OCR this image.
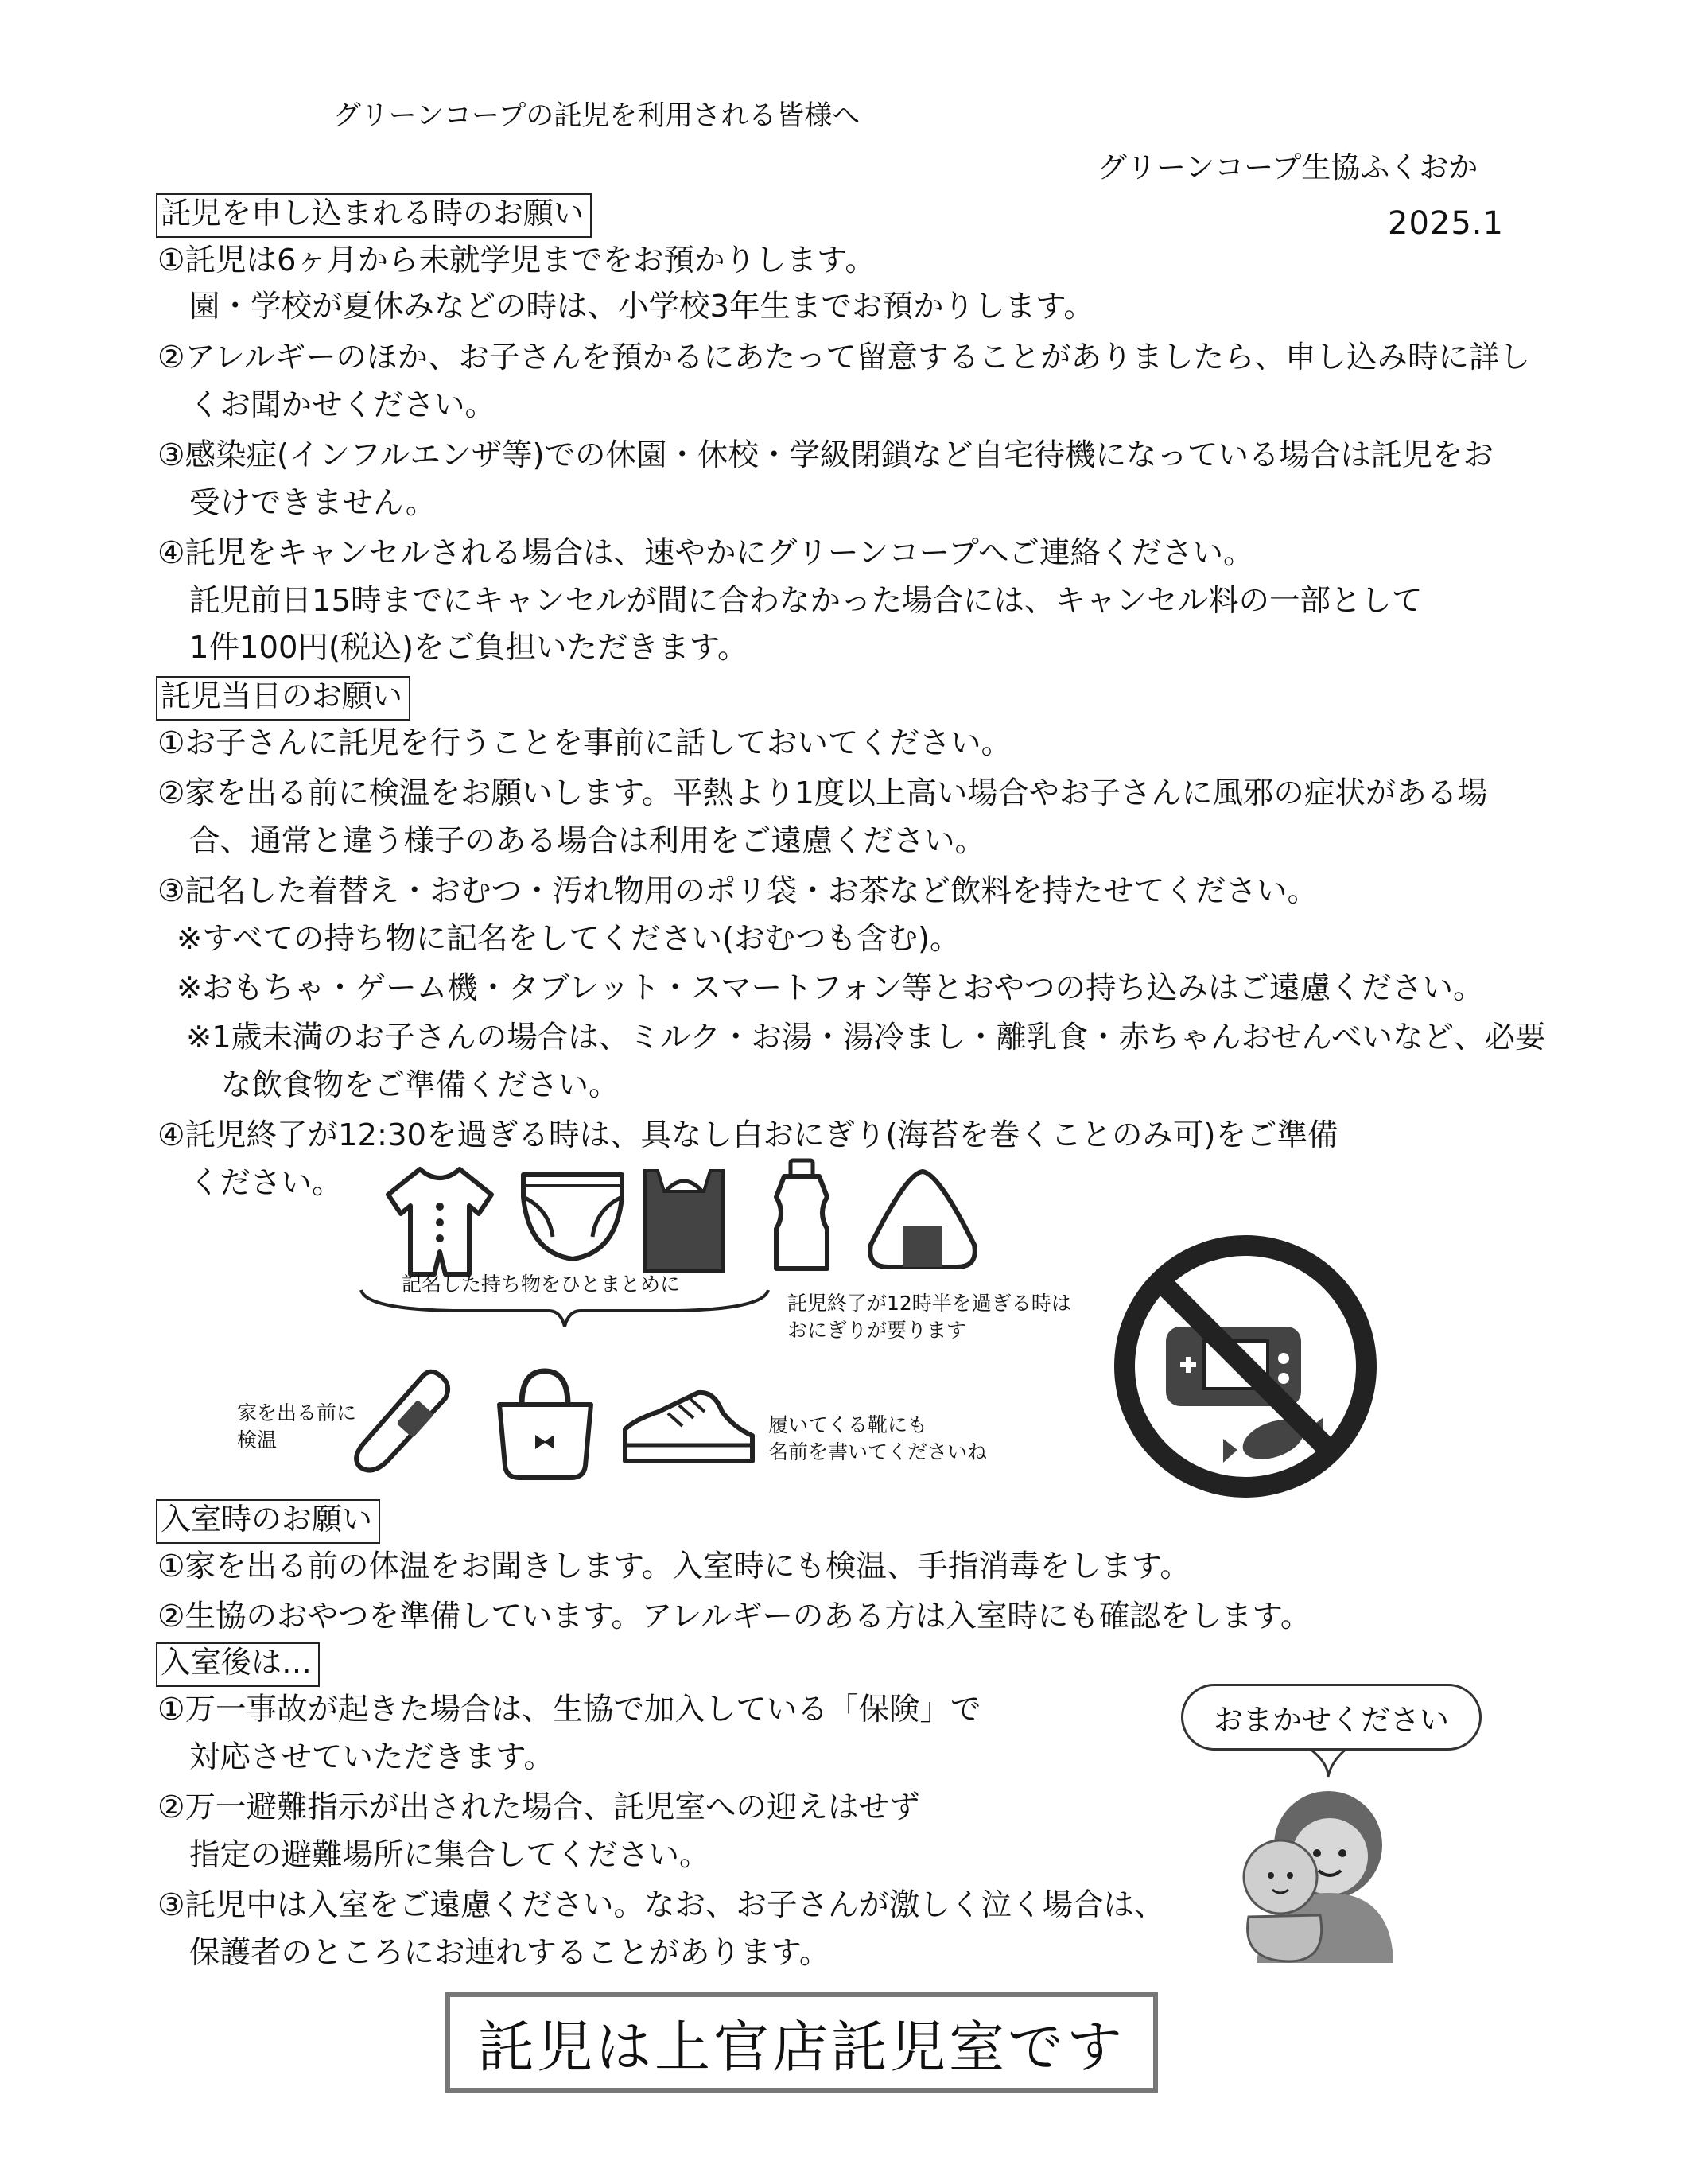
グリーンコープの託児を利用される皆様へ
グリーンコープ生協ふくおか
2025.1
託児を申し込まれる時のお願い
①託児は6ヶ月から未就学児までをお預かりします。
園・学校が夏休みなどの時は、小学校3年生までお預かりします。
②アレルギーのほか、お子さんを預かるにあたって留意することがありましたら、申し込み時に詳し
くお聞かせください。
③感染症(インフルエンザ等)での休園・休校・学級閉鎖など自宅待機になっている場合は託児をお
受けできません。
④託児をキャンセルされる場合は、速やかにグリーンコープへご連絡ください。
託児前日15時までにキャンセルが間に合わなかった場合には、キャンセル料の一部として
1件100円(税込)をご負担いただきます。
託児当日のお願い
①お子さんに託児を行うことを事前に話しておいてください。
②家を出る前に検温をお願いします。平熱より1度以上高い場合やお子さんに風邪の症状がある場
合、通常と違う様子のある場合は利用をご遠慮ください。
③記名した着替え・おむつ・汚れ物用のポリ袋・お茶など飲料を持たせてください。
※すべての持ち物に記名をしてください(おむつも含む)。
※おもちゃ・ゲーム機・タブレット・スマートフォン等とおやつの持ち込みはご遠慮ください。
※1歳未満のお子さんの場合は、ミルク・お湯・湯冷まし・離乳食・赤ちゃんおせんべいなど、必要
な飲食物をご準備ください。
④託児終了が12:30を過ぎる時は、具なし白おにぎり(海苔を巻くことのみ可)をご準備
ください。
記名した持ち物をひとまとめに
託児終了が12時半を過ぎる時は
おにぎりが要ります
家を出る前に
検温
履いてくる靴にも
名前を書いてくださいね
入室時のお願い
①家を出る前の体温をお聞きします。入室時にも検温、手指消毒をします。
②生協のおやつを準備しています。アレルギーのある方は入室時にも確認をします。
入室後は…
①万一事故が起きた場合は、生協で加入している「保険」で
対応させていただきます。
②万一避難指示が出された場合、託児室への迎えはせず
指定の避難場所に集合してください。
③託児中は入室をご遠慮ください。なお、お子さんが激しく泣く場合は、
保護者のところにお連れすることがあります。
おまかせください
託児は上官店託児室です
